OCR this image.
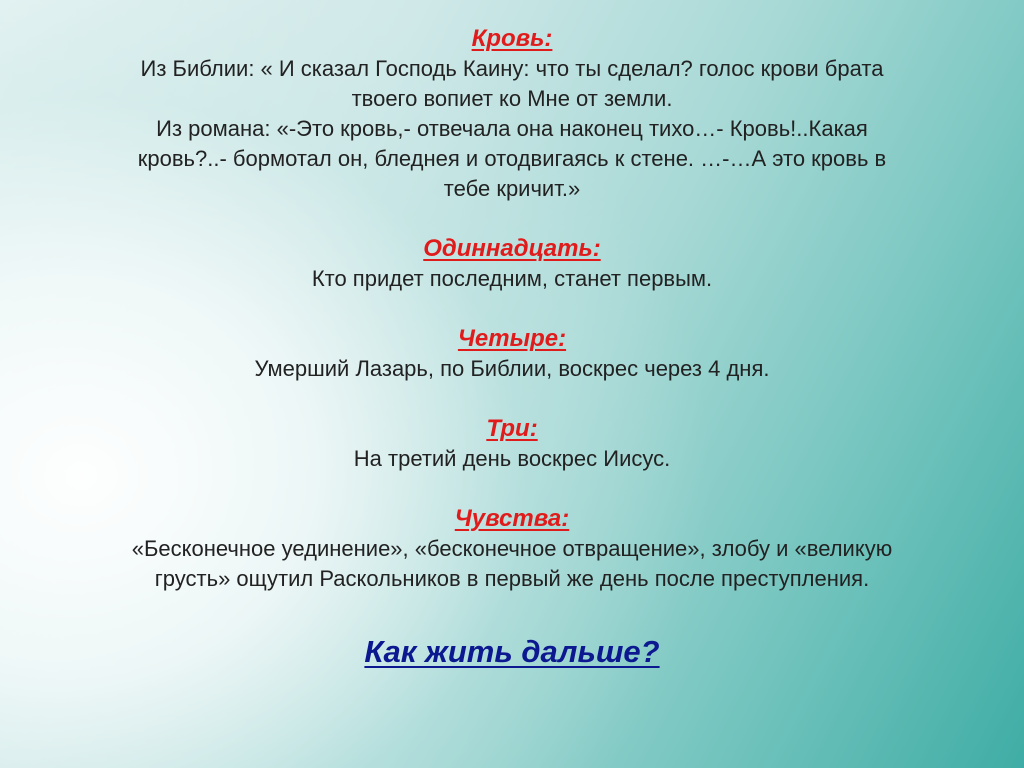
Кровь:
Из Библии: « И сказал Господь Каину: что ты сделал? голос крови брата
твоего вопиет ко Мне от земли.
Из романа: «-Это кровь,- отвечала она наконец тихо…- Кровь!..Какая
кровь?..- бормотал он, бледнея и отодвигаясь к стене. …-…А это кровь в
тебе кричит.»
Одиннадцать:
Кто придет последним, станет первым.
Четыре:
Умерший Лазарь, по Библии, воскрес через 4 дня.
Три:
На третий день воскрес Иисус.
Чувства:
«Бесконечное уединение», «бесконечное отвращение», злобу и «великую
грусть» ощутил Раскольников в первый же день после преступления.
Как жить дальше?
